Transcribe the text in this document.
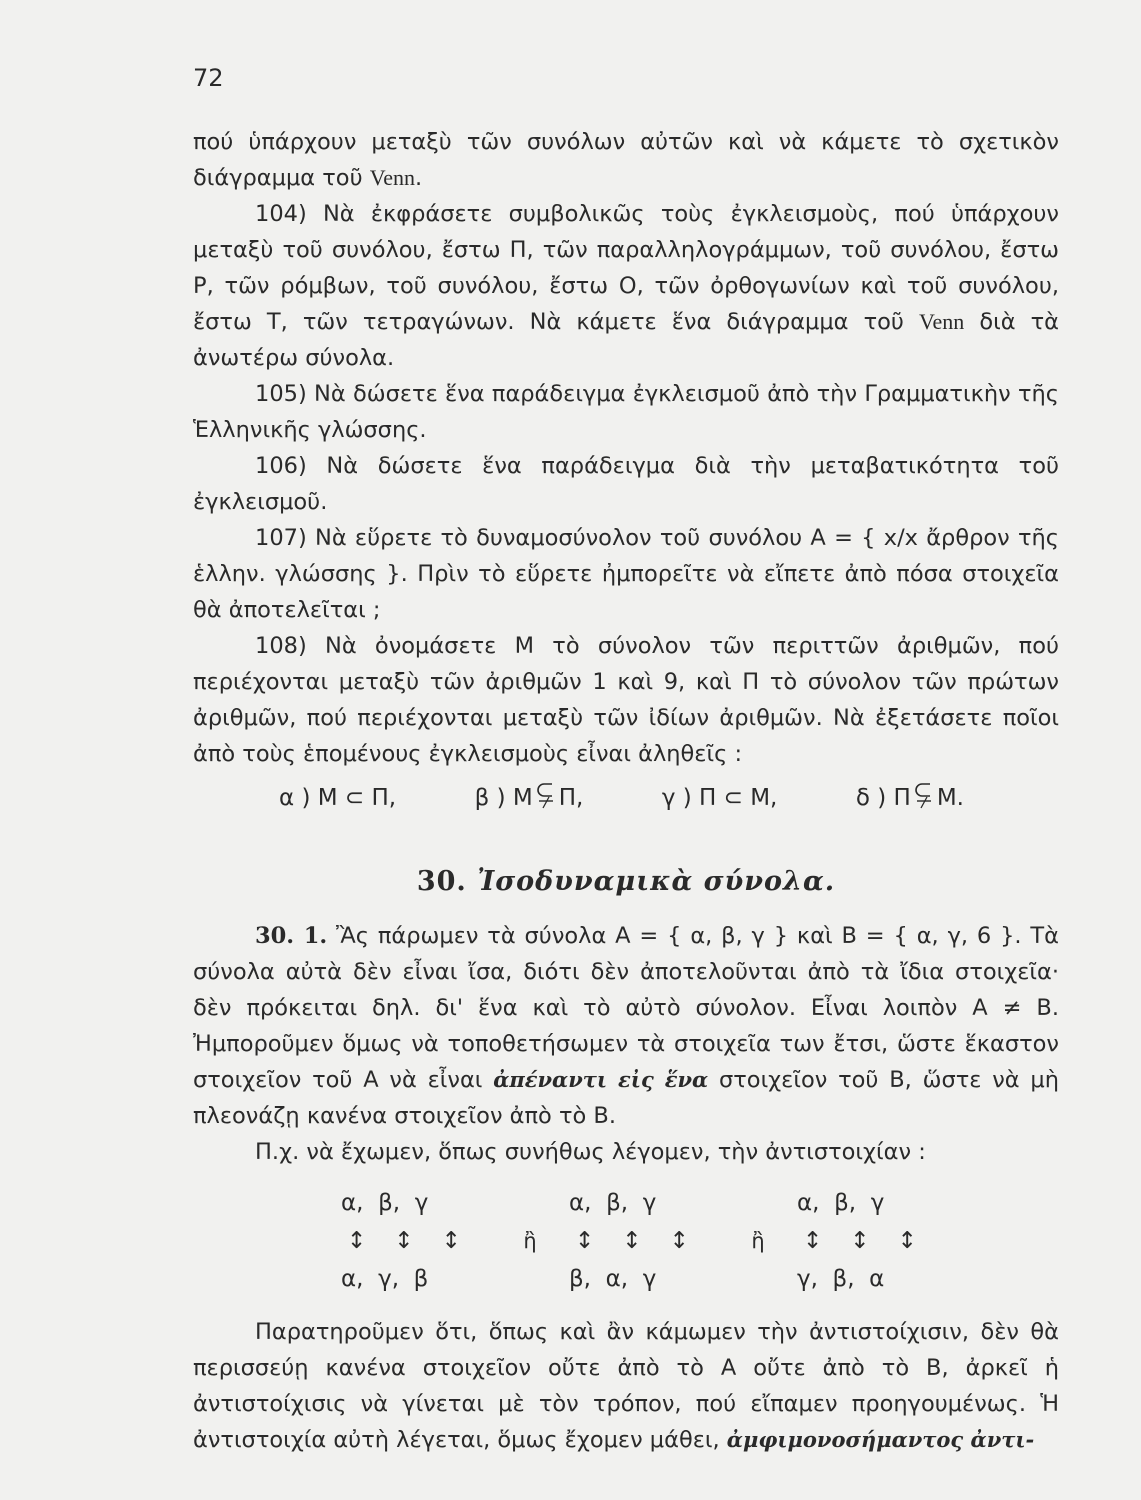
72

πού ὑπάρχουν μεταξὺ τῶν συνόλων αὐτῶν καὶ νὰ κάμετε τὸ σχετικὸν διάγραμμα τοῦ Venn.

104) Νὰ ἐκφράσετε συμβολικῶς τοὺς ἐγκλεισμοὺς, πού ὑπάρχουν μεταξὺ τοῦ συνόλου, ἔστω Π, τῶν παραλληλογράμμων, τοῦ συνόλου, ἔστω Ρ, τῶν ρόμβων, τοῦ συνόλου, ἔστω Ο, τῶν ὀρθογωνίων καὶ τοῦ συνόλου, ἔστω Τ, τῶν τετραγώνων. Νὰ κάμετε ἕνα διάγραμμα τοῦ Venn διὰ τὰ ἀνωτέρω σύνολα.

105) Νὰ δώσετε ἕνα παράδειγμα ἐγκλεισμοῦ ἀπὸ τὴν Γραμματικὴν τῆς Ἑλληνικῆς γλώσσης.

106) Νὰ δώσετε ἕνα παράδειγμα διὰ τὴν μεταβατικότητα τοῦ ἐγκλεισμοῦ.

107) Νὰ εὕρετε τὸ δυναμοσύνολον τοῦ συνόλου Α = { x/x ἄρθρον τῆς ἑλλην. γλώσσης }. Πρὶν τὸ εὕρετε ἠμπορεῖτε νὰ εἴπετε ἀπὸ πόσα στοιχεῖα θὰ ἀποτελεῖται ;

108) Νὰ ὀνομάσετε Μ τὸ σύνολον τῶν περιττῶν ἀριθμῶν, πού περιέχονται μεταξὺ τῶν ἀριθμῶν 1 καὶ 9, καὶ Π τὸ σύνολον τῶν πρώτων ἀριθμῶν, πού περιέχονται μεταξὺ τῶν ἰδίων ἀριθμῶν. Νὰ ἐξετάσετε ποῖοι ἀπὸ τοὺς ἑπομένους ἐγκλεισμοὺς εἶναι ἀληθεῖς :

α ) Μ ⊂ Π,	β ) Μ Π,	γ ) Π ⊂ Μ,	δ ) Π Μ.
30. Ἰσοδυναμικὰ σύνολα.

30. 1. Ἂς πάρωμεν τὰ σύνολα Α = { α, β, γ } καὶ Β = { α, γ, 6 }. Τὰ σύνολα αὐτὰ δὲν εἶναι ἴσα, διότι δὲν ἀποτελοῦνται ἀπὸ τὰ ἴδια στοιχεῖα· δὲν πρόκειται δηλ. δι' ἕνα καὶ τὸ αὐτὸ σύνολον. Εἶναι λοιπὸν Α ≠ Β. Ἠμποροῦμεν ὅμως νὰ τοποθετήσωμεν τὰ στοιχεῖα των ἔτσι, ὥστε ἕκαστον στοιχεῖον τοῦ Α νὰ εἶναι ἀπέναντι εἰς ἕνα στοιχεῖον τοῦ Β, ὥστε νὰ μὴ πλεονάζῃ κανένα στοιχεῖον ἀπὸ τὸ Β.

Π.χ. νὰ ἔχωμεν, ὅπως συνήθως λέγομεν, τὴν ἀντιστοιχίαν :

α,  β,  γ
↕ ↕ ↕
α,  γ,  β
ἢ
α,  β,  γ
↕ ↕ ↕
β,  α,  γ
ἢ
α,  β,  γ
↕ ↕ ↕
γ,  β,  α

Παρατηροῦμεν ὅτι, ὅπως καὶ ἂν κάμωμεν τὴν ἀντιστοίχισιν, δὲν θὰ περισσεύῃ κανένα στοιχεῖον οὔτε ἀπὸ τὸ Α οὔτε ἀπὸ τὸ Β, ἀρκεῖ ἡ ἀντιστοίχισις νὰ γίνεται μὲ τὸν τρόπον, πού εἴπαμεν προηγουμένως. Ἡ ἀντιστοιχία αὐτὴ λέγεται, ὅμως ἔχομεν μάθει, ἀμφιμονοσήμαντος ἀντι-
